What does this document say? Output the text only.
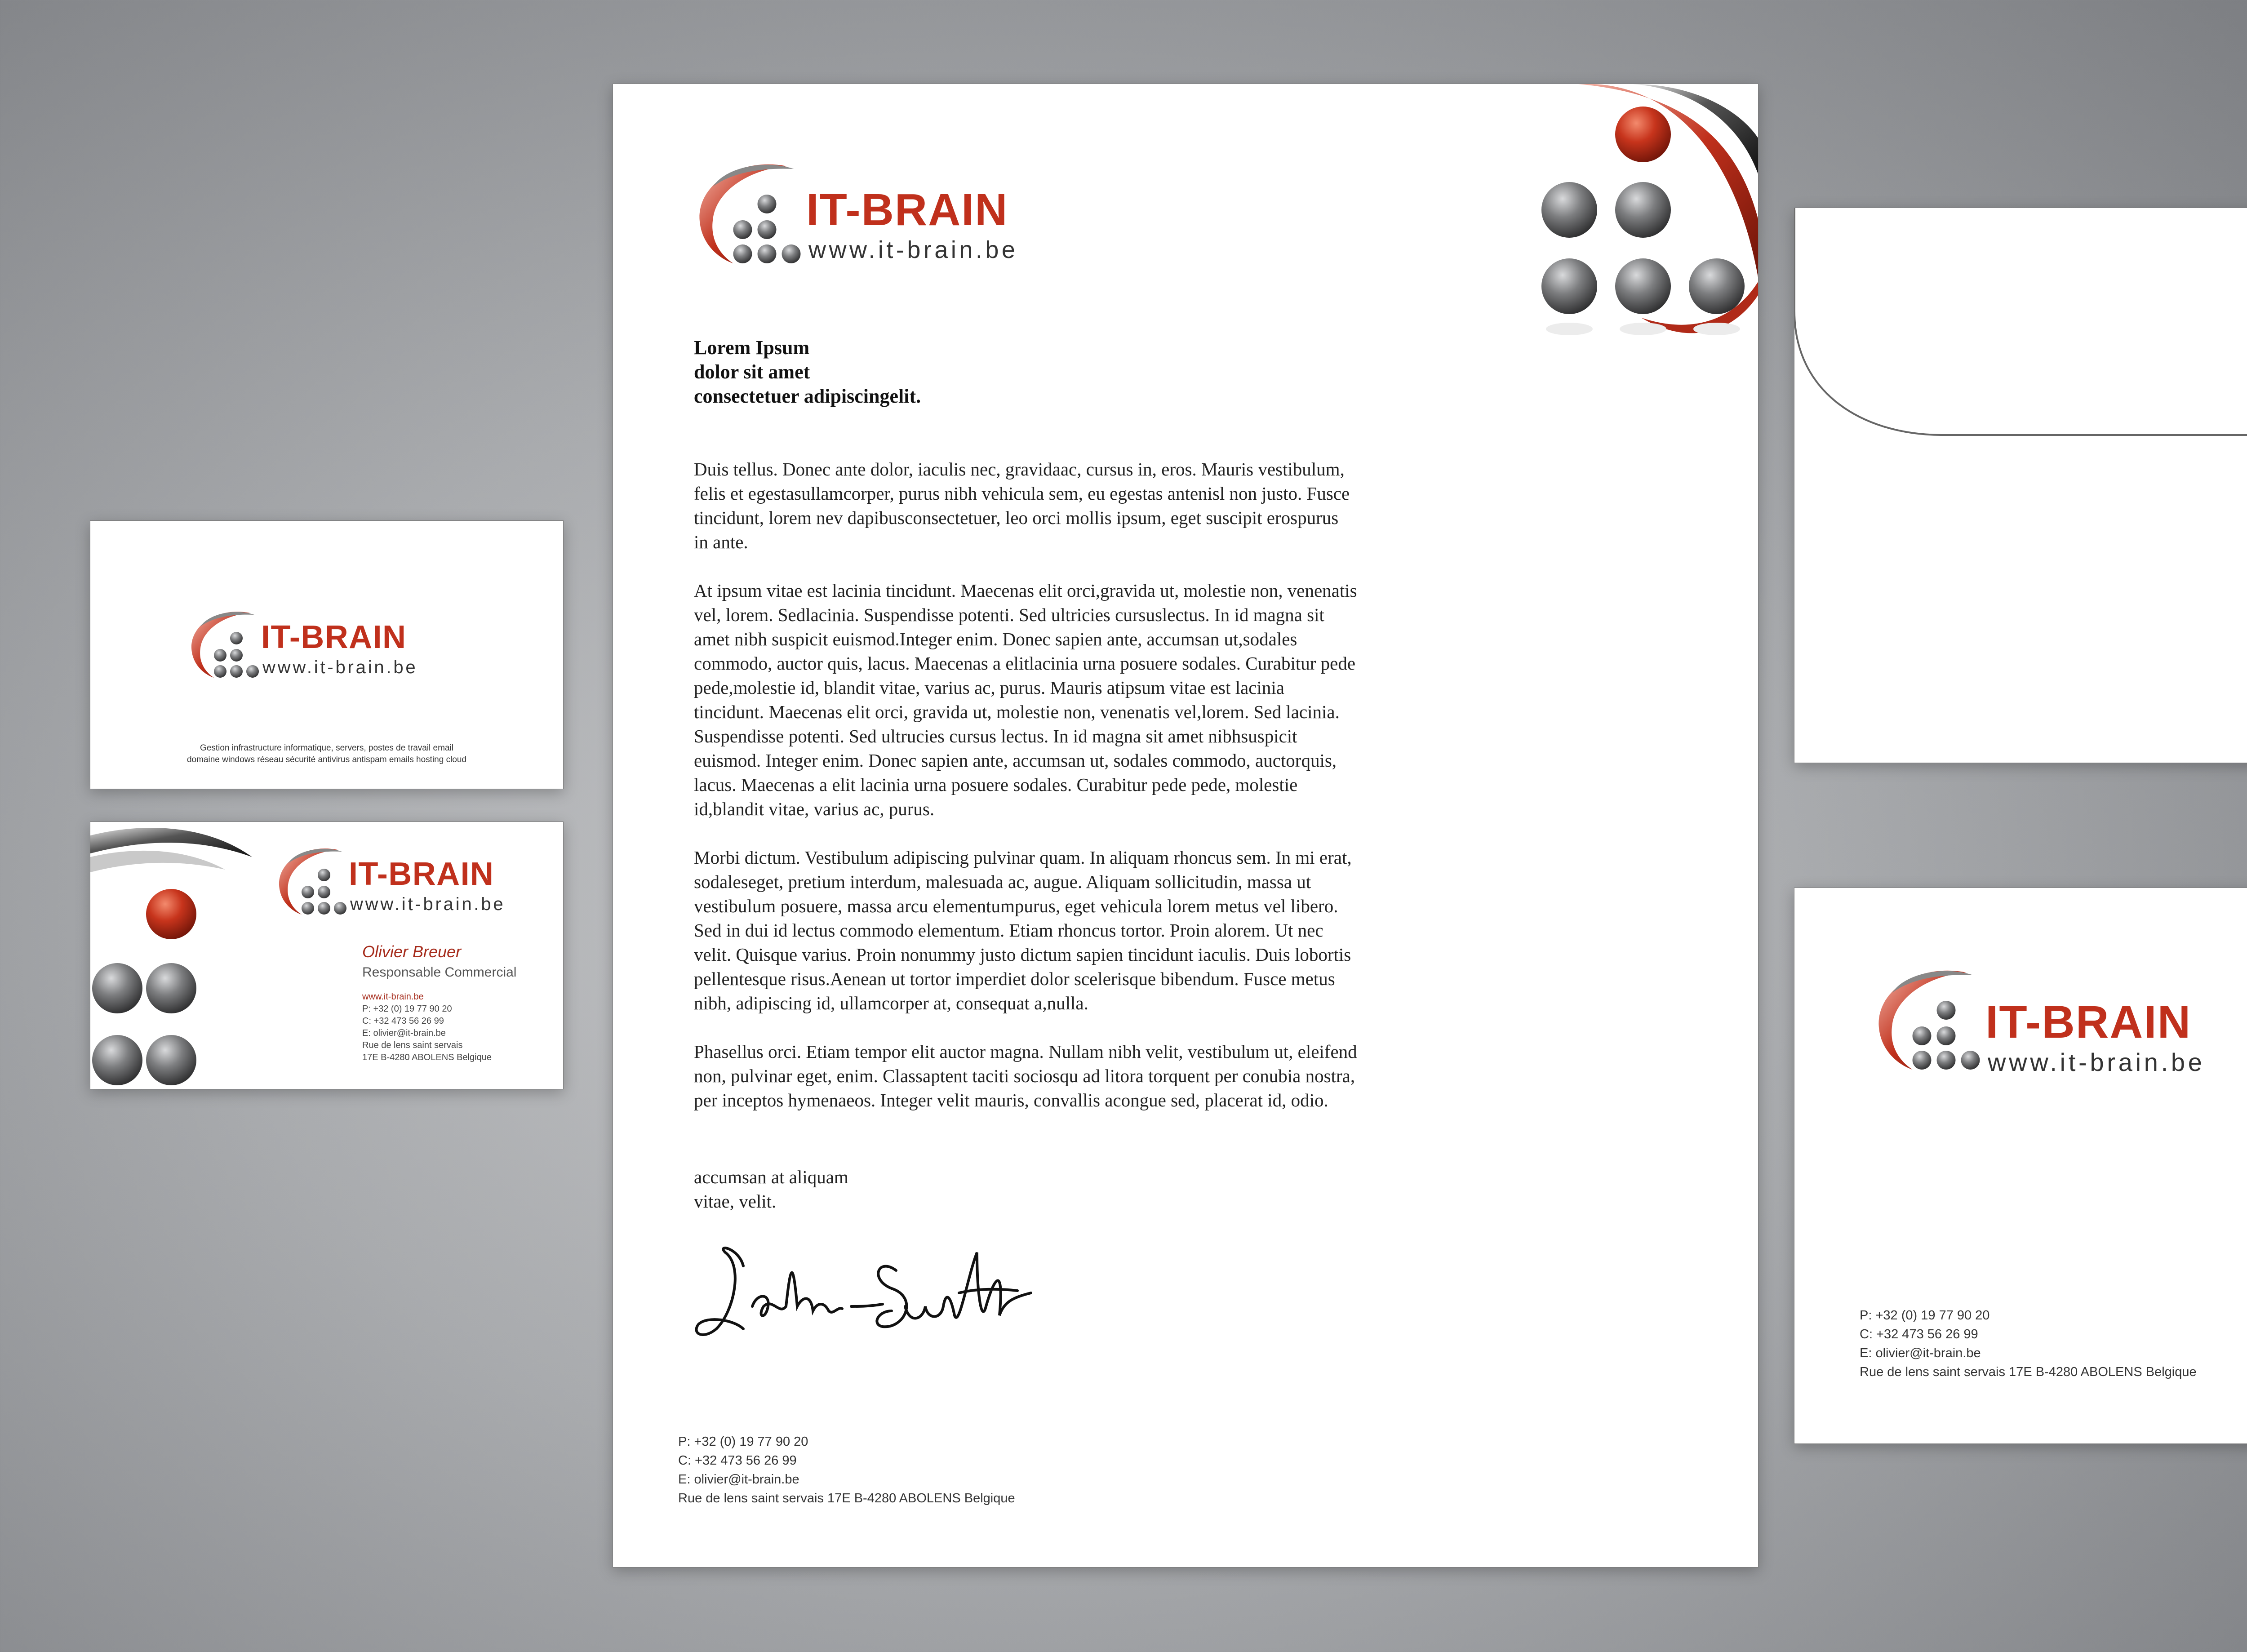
IT-BRAIN
www.it-brain.be
Gestion infrastructure informatique, servers, postes de travail email
domaine windows réseau sécurité antivirus antispam emails hosting cloud
IT-BRAIN
www.it-brain.be
Olivier Breuer
Responsable Commercial
www.it-brain.be
P: +32 (0) 19 77 90 20
C: +32 473 56 26 99
E: olivier@it-brain.be
Rue de lens saint servais
17E B-4280 ABOLENS Belgique
IT-BRAIN
www.it-brain.be
Lorem Ipsum
dolor sit amet
consectetuer adipiscingelit.

Duis tellus. Donec ante dolor, iaculis nec, gravidaac, cursus in, eros. Mauris vestibulum,
felis et egestasullamcorper, purus nibh vehicula sem, eu egestas antenisl non justo. Fusce
tincidunt, lorem nev dapibusconsectetuer, leo orci mollis ipsum, eget suscipit erospurus
in ante.

At ipsum vitae est lacinia tincidunt. Maecenas elit orci,gravida ut, molestie non, venenatis
vel, lorem. Sedlacinia. Suspendisse potenti. Sed ultricies cursuslectus. In id magna sit
amet nibh suspicit euismod.Integer enim. Donec sapien ante, accumsan ut,sodales
commodo, auctor quis, lacus. Maecenas a elitlacinia urna posuere sodales. Curabitur pede
pede,molestie id, blandit vitae, varius ac, purus. Mauris atipsum vitae est lacinia
tincidunt. Maecenas elit orci, gravida ut, molestie non, venenatis vel,lorem. Sed lacinia.
Suspendisse potenti. Sed ultrucies cursus lectus. In id magna sit amet nibhsuspicit
euismod. Integer enim. Donec sapien ante, accumsan ut, sodales commodo, auctorquis,
lacus. Maecenas a elit lacinia urna posuere sodales. Curabitur pede pede, molestie
id,blandit vitae, varius ac, purus.

Morbi dictum. Vestibulum adipiscing pulvinar quam. In aliquam rhoncus sem. In mi erat,
sodaleseget, pretium interdum, malesuada ac, augue. Aliquam sollicitudin, massa ut
vestibulum posuere, massa arcu elementumpurus, eget vehicula lorem metus vel libero.
Sed in dui id lectus commodo elementum. Etiam rhoncus tortor. Proin alorem. Ut nec
velit. Quisque varius. Proin nonummy justo dictum sapien tincidunt iaculis. Duis lobortis
pellentesque risus.Aenean ut tortor imperdiet dolor scelerisque bibendum. Fusce metus
nibh, adipiscing id, ullamcorper at, consequat a,nulla.

Phasellus orci. Etiam tempor elit auctor magna. Nullam nibh velit, vestibulum ut, eleifend
non, pulvinar eget, enim. Classaptent taciti sociosqu ad litora torquent per conubia nostra,
per inceptos hymenaeos. Integer velit mauris, convallis acongue sed, placerat id, odio.

accumsan at aliquam
vitae, velit.
P: +32 (0) 19 77 90 20
C: +32 473 56 26 99
E: olivier@it-brain.be
Rue de lens saint servais 17E B-4280 ABOLENS Belgique
IT-BRAIN
www.it-brain.be
P: +32 (0) 19 77 90 20
C: +32 473 56 26 99
E: olivier@it-brain.be
Rue de lens saint servais 17E B-4280 ABOLENS Belgique
